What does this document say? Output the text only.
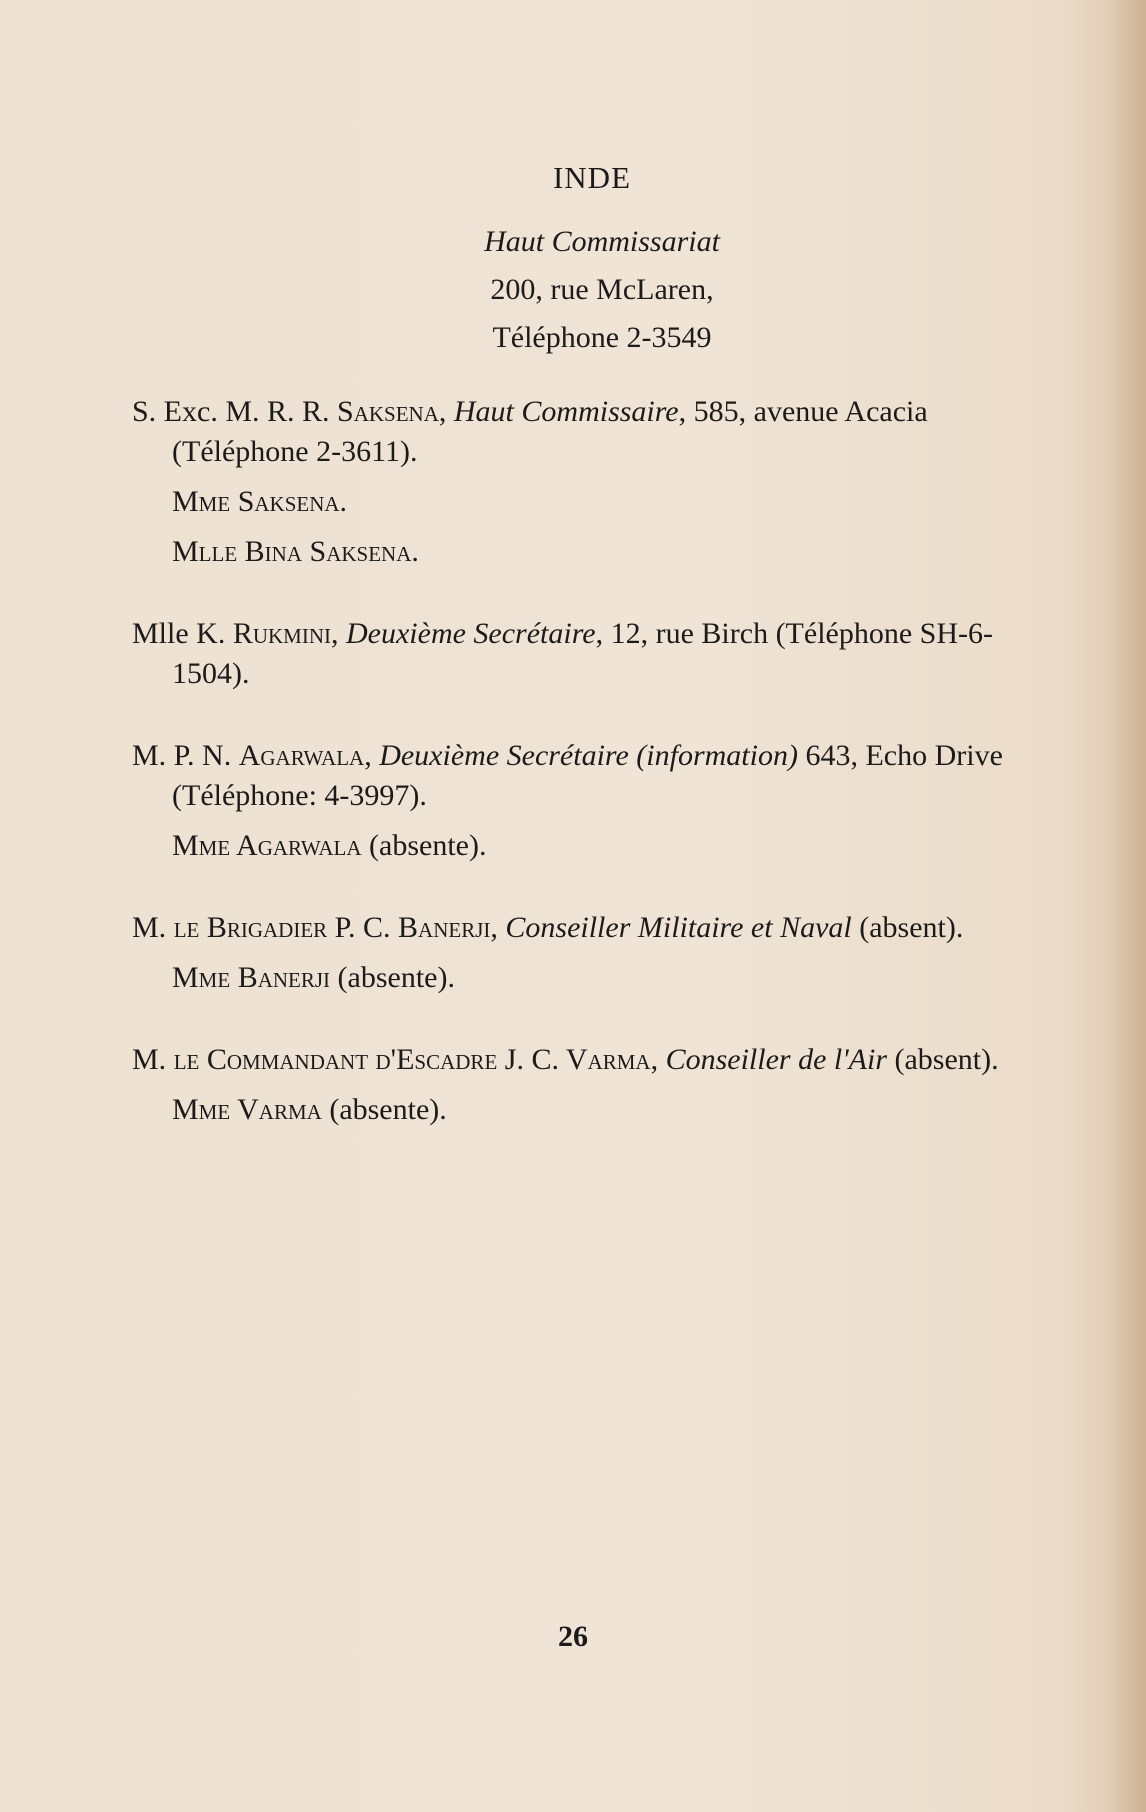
INDE
Haut Commissariat
200, rue McLaren,
Téléphone 2-3549
S. Exc. M. R. R. Saksena, Haut Commissaire, 585, avenue Acacia (Téléphone 2-3611).
Mme Saksena.
Mlle Bina Saksena.
Mlle K. Rukmini, Deuxième Secrétaire, 12, rue Birch (Téléphone SH-6-1504).
M. P. N. Agarwala, Deuxième Secrétaire (information) 643, Echo Drive (Téléphone: 4-3997).
Mme Agarwala (absente).
M. le Brigadier P. C. Banerji, Conseiller Militaire et Naval (absent).
Mme Banerji (absente).
M. le Commandant d'Escadre J. C. Varma, Conseiller de l'Air (absent).
Mme Varma (absente).
26
